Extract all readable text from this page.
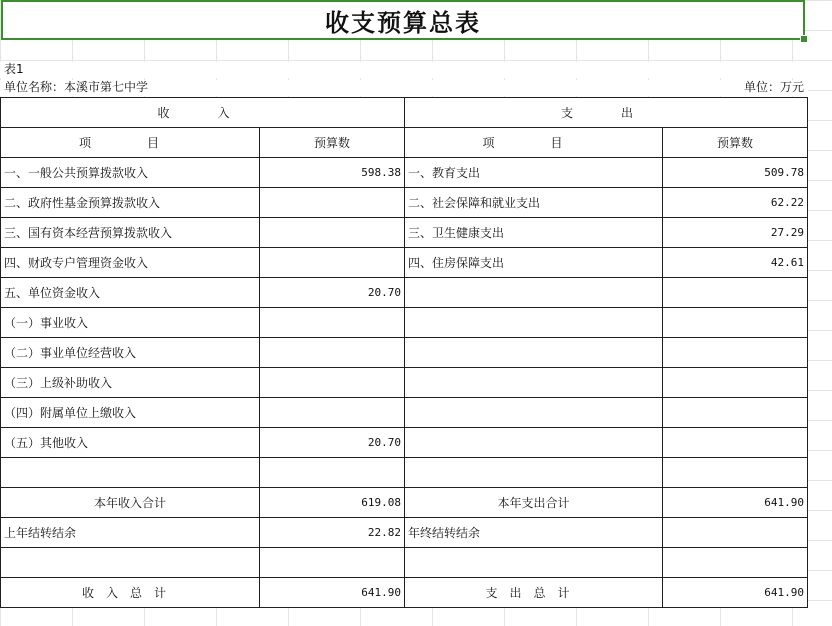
收支预算总表
表1
单位名称：本溪市第七中学	单位：万元
收　入		支　出	
项　目	预算数	项　目	预算数
一、一般公共预算拨款收入	598.38	一、教育支出	509.78
二、政府性基金预算拨款收入		二、社会保障和就业支出	62.22
三、国有资本经营预算拨款收入		三、卫生健康支出	27.29
四、财政专户管理资金收入		四、住房保障支出	42.61
五、单位资金收入	20.70		
（一）事业收入			
（二）事业单位经营收入			
（三）上级补助收入			
（四）附属单位上缴收入			
（五）其他收入	20.70		

本年收入合计	619.08	本年支出合计	641.90
上年结转结余	22.82	年终结转结余	

收入总计	641.90	支出总计	641.90
